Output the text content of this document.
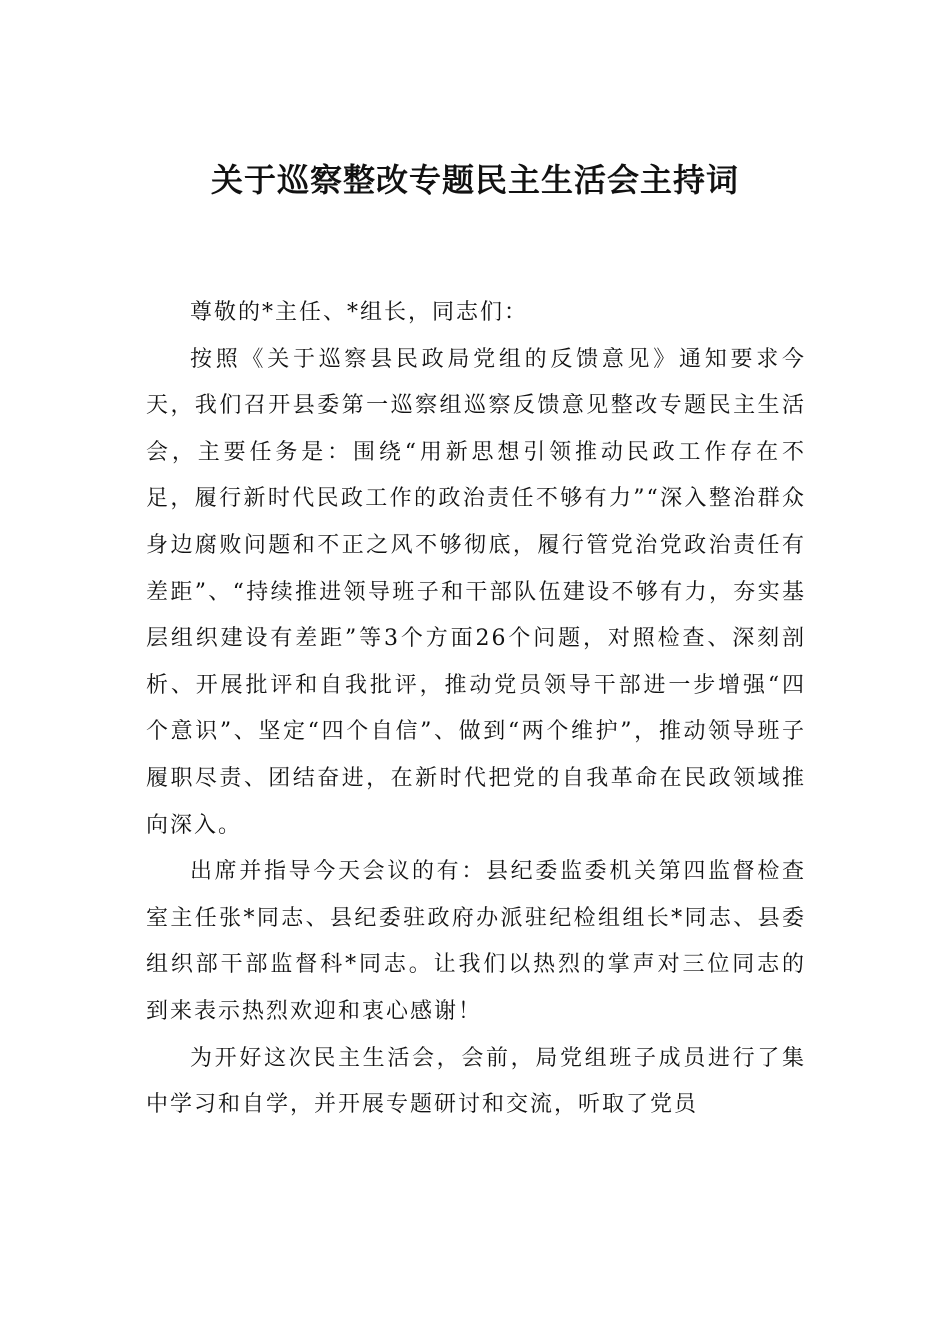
关于巡察整改专题民主生活会主持词

尊敬的*主任、*组长，同志们：

按照《关于巡察县民政局党组的反馈意见》通知要求今天，我们召开县委第一巡察组巡察反馈意见整改专题民主生活会，主要任务是：围绕“用新思想引领推动民政工作存在不足，履行新时代民政工作的政治责任不够有力”“深入整治群众身边腐败问题和不正之风不够彻底，履行管党治党政治责任有差距”、“持续推进领导班子和干部队伍建设不够有力，夯实基层组织建设有差距”等3个方面26个问题，对照检查、深刻剖析、开展批评和自我批评，推动党员领导干部进一步增强“四个意识”、坚定“四个自信”、做到“两个维护”，推动领导班子履职尽责、团结奋进，在新时代把党的自我革命在民政领域推向深入。

出席并指导今天会议的有：县纪委监委机关第四监督检查室主任张*同志、县纪委驻政府办派驻纪检组组长*同志、县委组织部干部监督科*同志。让我们以热烈的掌声对三位同志的到来表示热烈欢迎和衷心感谢！

为开好这次民主生活会，会前，局党组班子成员进行了集中学习和自学，并开展专题研讨和交流，听取了党员
